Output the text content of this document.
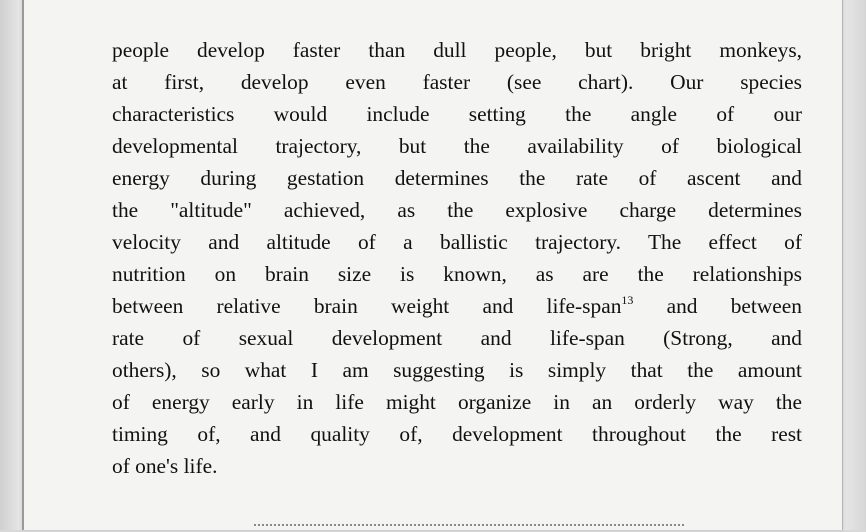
people develop faster than dull people, but bright monkeys,
at first, develop even faster (see chart). Our species
characteristics would include setting the angle of our
developmental trajectory, but the availability of biological
energy during gestation determines the rate of ascent and
the "altitude" achieved, as the explosive charge determines
velocity and altitude of a ballistic trajectory. The effect of
nutrition on brain size is known, as are the relationships
between relative brain weight and life-span$^{13}$ and between
rate of sexual development and life-span (Strong, and
others), so what I am suggesting is simply that the amount
of energy early in life might organize in an orderly way the
timing of, and quality of, development throughout the rest
of one's life.
